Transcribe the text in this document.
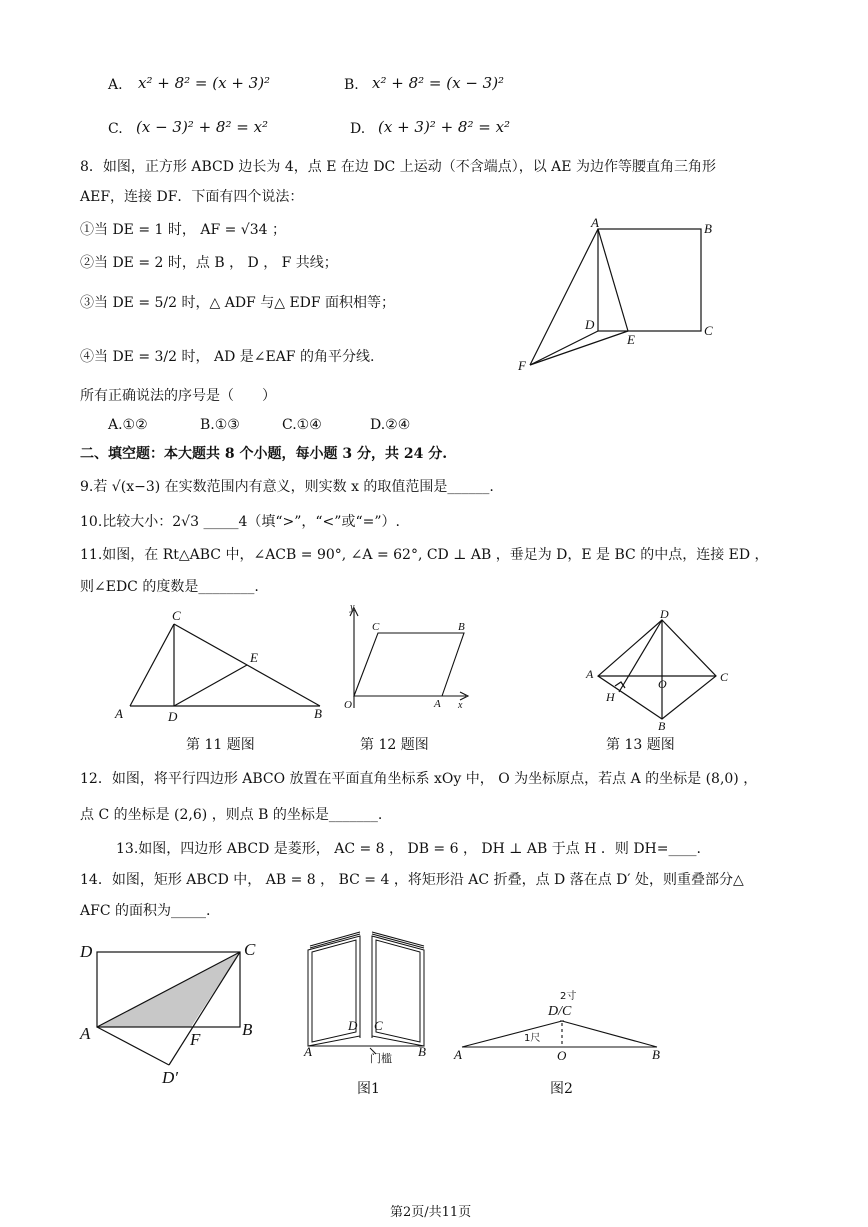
A. x² + 8² = (x + 3)²	B. x² + 8² = (x − 3)²
C. (x − 3)² + 8² = x²	D. (x + 3)² + 8² = x²
8．如图，正方形 ABCD 边长为 4，点 E 在边 DC 上运动（不含端点），以 AE 为边作等腰直角三角形
AEF，连接 DF．下面有四个说法：
①当 DE = 1 时， AF = √34 ；
②当 DE = 2 时，点 B ， D ， F 共线；
③当 DE = 5/2 时，△ ADF 与△ EDF 面积相等；
④当 DE = 3/2 时， AD 是∠EAF 的角平分线.
所有正确说法的序号是（　　）
A.①②	B.①③	C.①④	D.②④
A	B
C
D
E
F
二、填空题：本大题共 8 个小题，每小题 3 分，共 24 分.
9.若 √(x−3) 在实数范围内有意义，则实数 x 的取值范围是______.
10.比较大小：2√3 _____4（填“>”，“<”或“=”）.
11.如图，在 Rt△ABC 中，∠ACB = 90°, ∠A = 62°, CD ⊥ AB ，垂足为 D，E 是 BC 的中点，连接 ED ，
则∠EDC 的度数是________.
A	B
C
D
E
第 11 题图
y
x
C	B
O	A
第 12 题图
D
A	C
O
H
B
第 13 题图
12．如图，将平行四边形 ABCO 放置在平面直角坐标系 xOy 中， O 为坐标原点，若点 A 的坐标是 (8,0) ，
点 C 的坐标是 (2,6) ，则点 B 的坐标是_______.
13.如图，四边形 ABCD 是菱形， AC = 8 ， DB = 6 ， DH ⊥ AB 于点 H ．则 DH=____.
14．如图，矩形 ABCD 中， AB = 8 ， BC = 4 ，将矩形沿 AC 折叠，点 D 落在点 D′ 处，则重叠部分△
AFC 的面积为_____.
D	C
A	B
F
D′
D C
A	B
门槛
图1
2寸
D/C
1尺
A	O	B
图2
第2页/共11页
